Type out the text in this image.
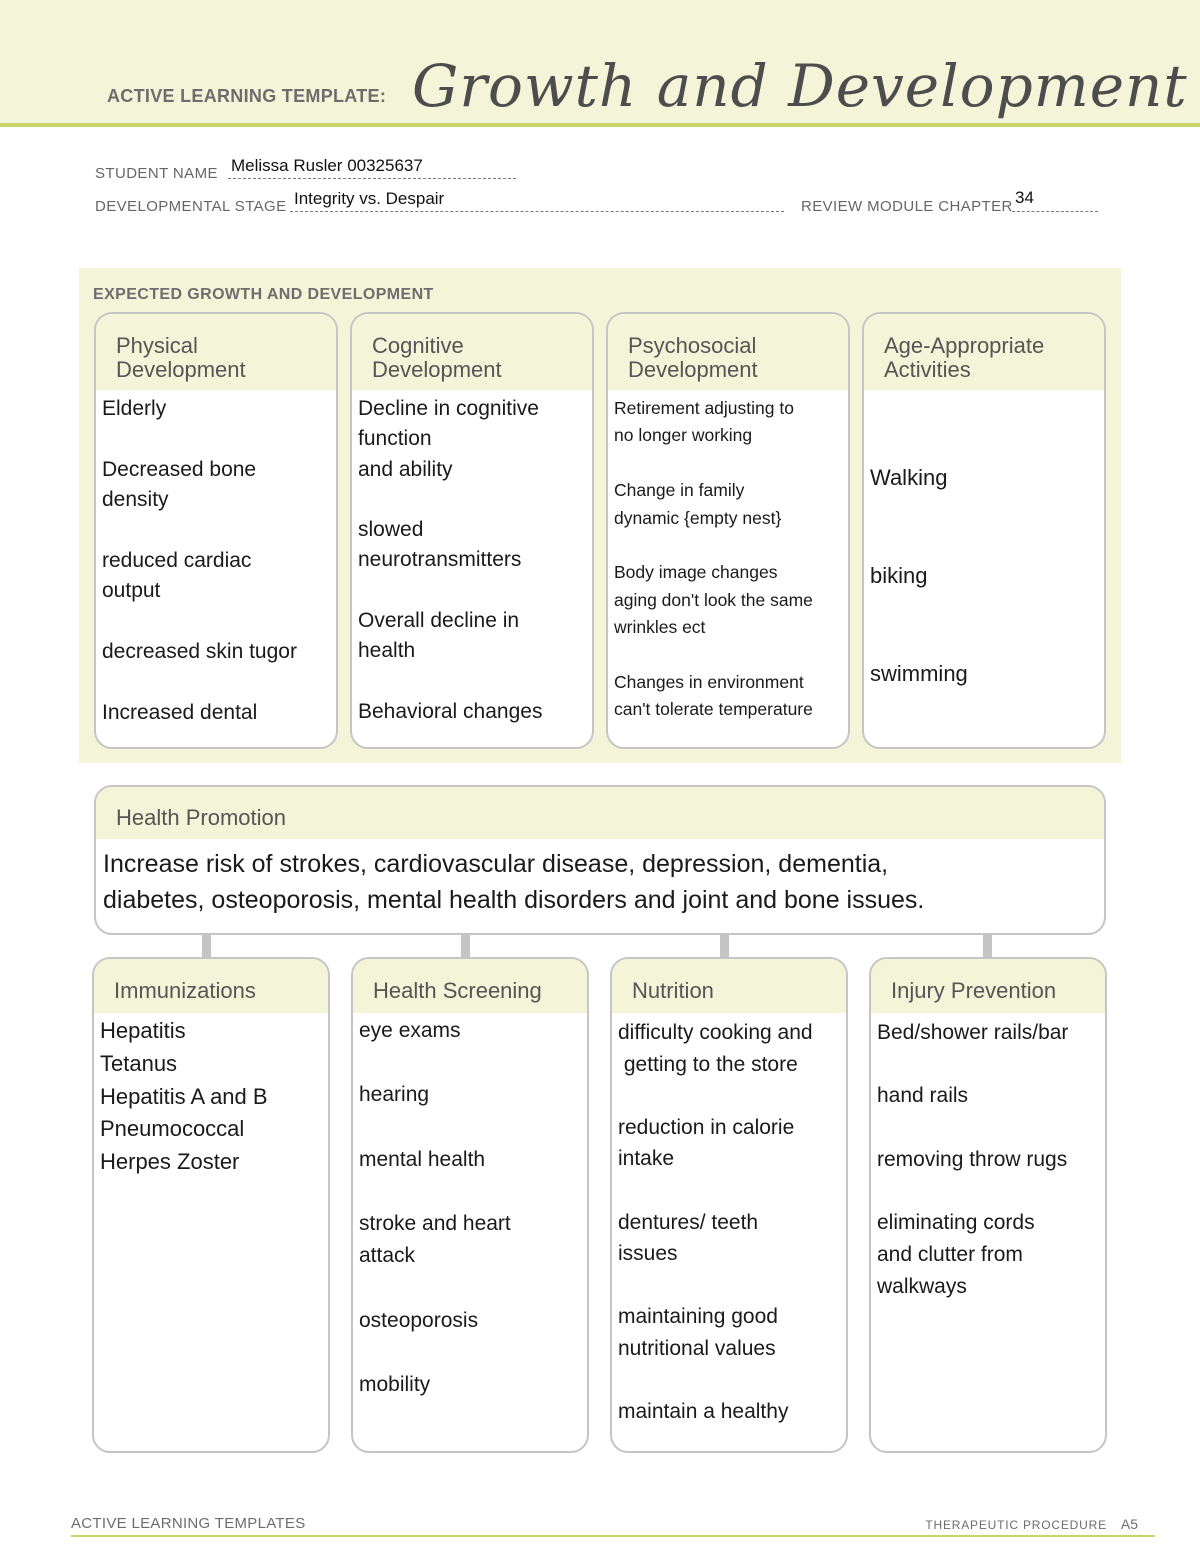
ACTIVE LEARNING TEMPLATE: Growth and Development
STUDENT NAME Melissa Rusler 00325637
DEVELOPMENTAL STAGE Integrity vs. Despair	REVIEW MODULE CHAPTER 34
EXPECTED GROWTH AND DEVELOPMENT
Physical
Development
Elderly

Decreased bone
density

reduced cardiac
output

decreased skin tugor

Increased dental
Cognitive
Development
Decline in cognitive
function
and ability

slowed
neurotransmitters

Overall decline in
health

Behavioral changes
Psychosocial
Development
Retirement adjusting to
no longer working

Change in family
dynamic {empty nest}

Body image changes
aging don't look the same
wrinkles ect

Changes in environment
can't tolerate temperature
Age-Appropriate
Activities

Walking

biking

swimming

Health Promotion
Increase risk of strokes, cardiovascular disease, depression, dementia,
diabetes, osteoporosis, mental health disorders and joint and bone issues.
Immunizations
Hepatitis
Tetanus
Hepatitis A and B
Pneumococcal
Herpes Zoster
Health Screening
eye exams

hearing

mental health

stroke and heart
attack

osteoporosis

mobility
Nutrition
difficulty cooking and
getting to the store

reduction in calorie
intake

dentures/ teeth
issues

maintaining good
nutritional values

maintain a healthy
Injury Prevention
Bed/shower rails/bar

hand rails

removing throw rugs

eliminating cords
and clutter from
walkways
ACTIVE LEARNING TEMPLATES	THERAPEUTIC PROCEDURE A5
